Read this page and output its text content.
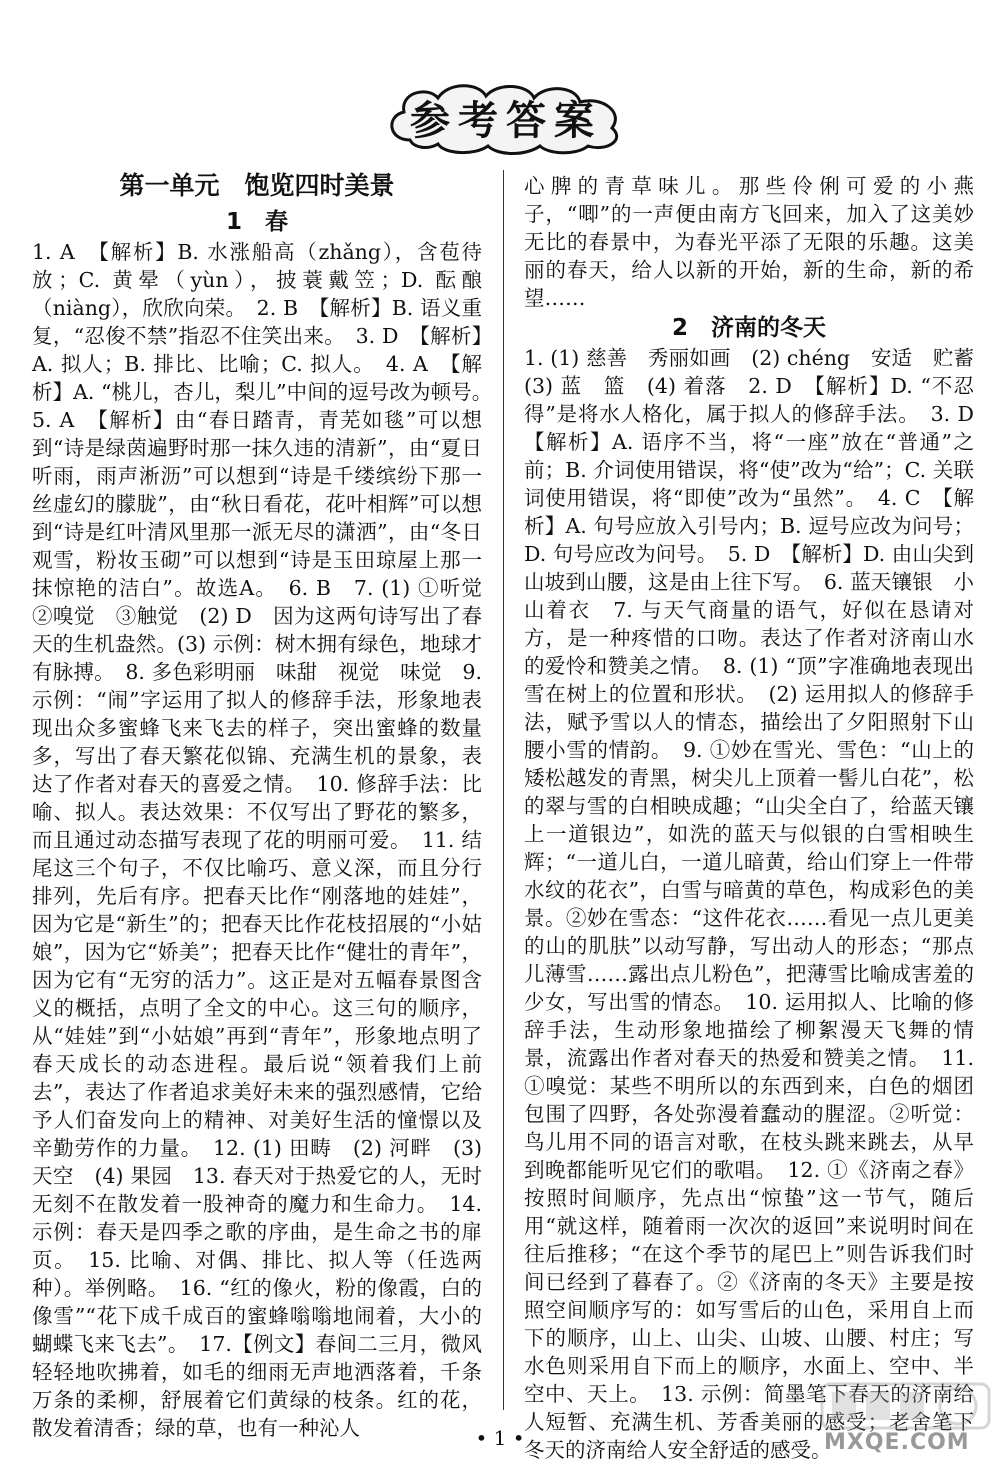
参考答案
第一单元　饱览四时美景
1　春

1. A　【解析】B. 水涨船高（zhǎng），含苞待放；C. 黄晕（yùn），披蓑戴笠；D. 酝酿（niàng），欣欣向荣。　2. B　【解析】B. 语义重复，“忍俊不禁”指忍不住笑出来。　3. D　【解析】A. 拟人；B. 排比、比喻；C. 拟人。　4. A　【解析】A. “桃儿，杏儿，梨儿”中间的逗号改为顿号。　5. A　【解析】由“春日踏青，青芜如毯”可以想到“诗是绿茵遍野时那一抹久违的清新”，由“夏日听雨，雨声淅沥”可以想到“诗是千缕缤纷下那一丝虚幻的朦胧”，由“秋日看花，花叶相辉”可以想到“诗是红叶清风里那一派无尽的潇洒”，由“冬日观雪，粉妆玉砌”可以想到“诗是玉田琼屋上那一抹惊艳的洁白”。故选A。　6. B　7. (1) ①听觉　②嗅觉　③触觉　(2) D　因为这两句诗写出了春天的生机盎然。(3) 示例：树木拥有绿色，地球才有脉搏。　8. 多色彩明丽　味甜　视觉　味觉　9. 示例：“闹”字运用了拟人的修辞手法，形象地表现出众多蜜蜂飞来飞去的样子，突出蜜蜂的数量多，写出了春天繁花似锦、充满生机的景象，表达了作者对春天的喜爱之情。　10. 修辞手法：比喻、拟人。表达效果：不仅写出了野花的繁多，而且通过动态描写表现了花的明丽可爱。　11. 结尾这三个句子，不仅比喻巧、意义深，而且分行排列，先后有序。把春天比作“刚落地的娃娃”，因为它是“新生”的；把春天比作花枝招展的“小姑娘”，因为它“娇美”；把春天比作“健壮的青年”，因为它有“无穷的活力”。这正是对五幅春景图含义的概括，点明了全文的中心。这三句的顺序，从“娃娃”到“小姑娘”再到“青年”，形象地点明了春天成长的动态进程。最后说“领着我们上前去”，表达了作者追求美好未来的强烈感情，它给予人们奋发向上的精神、对美好生活的憧憬以及辛勤劳作的力量。　12. (1) 田畴　(2) 河畔　(3) 天空　(4) 果园　13. 春天对于热爱它的人，无时无刻不在散发着一股神奇的魔力和生命力。　14. 示例：春天是四季之歌的序曲，是生命之书的扉页。　15. 比喻、对偶、排比、拟人等（任选两种）。举例略。　16. “红的像火，粉的像霞，白的像雪”“花下成千成百的蜜蜂嗡嗡地闹着，大小的蝴蝶飞来飞去”。　17.【例文】春间二三月，微风轻轻地吹拂着，如毛的细雨无声地洒落着，千条万条的柔柳，舒展着它们黄绿的枝条。红的花，散发着清香；绿的草，也有一种沁人

心脾的青草味儿。那些伶俐可爱的小燕子，“唧”的一声便由南方飞回来，加入了这美妙无比的春景中，为春光平添了无限的乐趣。这美丽的春天，给人以新的开始，新的生命，新的希望……

2　济南的冬天

1. (1) 慈善　秀丽如画　(2) chéng　安适　贮蓄　(3) 蓝　篮　(4) 着落　2. D　【解析】D. “不忍得”是将水人格化，属于拟人的修辞手法。　3. D　【解析】A. 语序不当，将“一座”放在“普通”之前；B. 介词使用错误，将“使”改为“给”；C. 关联词使用错误，将“即使”改为“虽然”。　4. C　【解析】A. 句号应放入引号内；B. 逗号应改为问号；D. 句号应改为问号。　5. D　【解析】D. 由山尖到山坡到山腰，这是由上往下写。　6. 蓝天镶银　小山着衣　7. 与天气商量的语气，好似在恳请对方，是一种疼惜的口吻。表达了作者对济南山水的爱怜和赞美之情。　8. (1) “顶”字准确地表现出雪在树上的位置和形状。　(2) 运用拟人的修辞手法，赋予雪以人的情态，描绘出了夕阳照射下山腰小雪的情韵。　9. ①妙在雪光、雪色：“山上的矮松越发的青黑，树尖儿上顶着一髻儿白花”，松的翠与雪的白相映成趣；“山尖全白了，给蓝天镶上一道银边”，如洗的蓝天与似银的白雪相映生辉；“一道儿白，一道儿暗黄，给山们穿上一件带水纹的花衣”，白雪与暗黄的草色，构成彩色的美景。②妙在雪态：“这件花衣……看见一点儿更美的山的肌肤”以动写静，写出动人的形态；“那点儿薄雪……露出点儿粉色”，把薄雪比喻成害羞的少女，写出雪的情态。　10. 运用拟人、比喻的修辞手法，生动形象地描绘了柳絮漫天飞舞的情景，流露出作者对春天的热爱和赞美之情。　11. ①嗅觉：某些不明所以的东西到来，白色的烟团包围了四野，各处弥漫着蠢动的腥涩。②听觉：鸟儿用不同的语言对歌，在枝头跳来跳去，从早到晚都能听见它们的歌唱。　12. ①《济南之春》按照时间顺序，先点出“惊蛰”这一节气，随后用“就这样，随着雨一次次的返回”来说明时间在往后推移；“在这个季节的尾巴上”则告诉我们时间已经到了暮春了。②《济南的冬天》主要是按照空间顺序写的：如写雪后的山色，采用自上而下的顺序，山上、山尖、山坡、山腰、村庄；写水色则采用自下而上的顺序，水面上、空中、半空中、天上。　13. 示例：简墨笔下春天的济南给人短暂、充满生机、芳香美丽的感受；老舍笔下冬天的济南给人安全舒适的感受。

• 1 •	MXQE.COM
